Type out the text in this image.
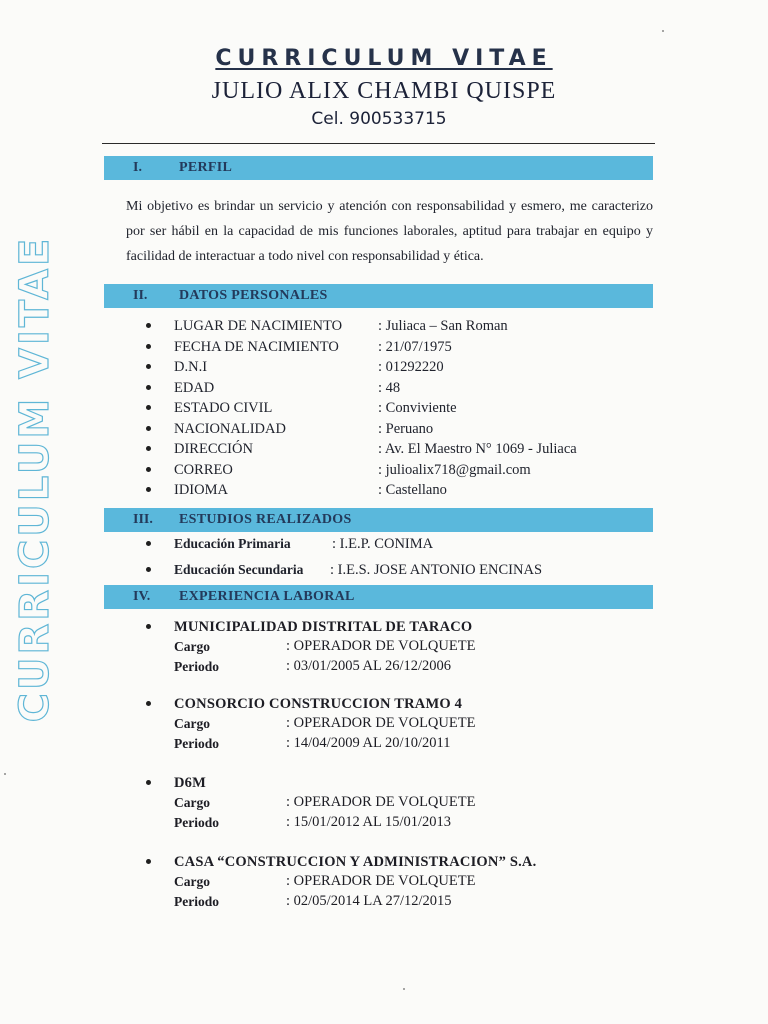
CURRICULUM VITAE
CURRICULUM VITAE
JULIO ALIX CHAMBI QUISPE
Cel. 900533715
I.	PERFIL
Mi objetivo es brindar un servicio y atención con responsabilidad y esmero, me caracterizo por ser hábil en la capacidad de mis funciones laborales, aptitud para trabajar en equipo y facilidad de interactuar a todo nivel con responsabilidad y ética.
II.	DATOS PERSONALES
LUGAR DE NACIMIENTO : Juliaca – San Roman
FECHA DE NACIMIENTO	: 21/07/1975
D.N.I	: 01292220
EDAD	: 48
ESTADO CIVIL	: Conviviente
NACIONALIDAD	: Peruano
DIRECCIÓN	: Av. El Maestro N° 1069 - Juliaca
CORREO	: julioalix718@gmail.com
IDIOMA	: Castellano
III.	ESTUDIOS REALIZADOS
Educación Primaria	: I.E.P. CONIMA
Educación Secundaria : I.E.S. JOSE ANTONIO ENCINAS
IV.	EXPERIENCIA LABORAL
MUNICIPALIDAD DISTRITAL DE TARACO
Cargo	: OPERADOR DE VOLQUETE
Periodo	: 03/01/2005 AL 26/12/2006
CONSORCIO CONSTRUCCION TRAMO 4
Cargo	: OPERADOR DE VOLQUETE
Periodo	: 14/04/2009 AL 20/10/2011
D6M
Cargo	: OPERADOR DE VOLQUETE
Periodo	: 15/01/2012 AL 15/01/2013
CASA “CONSTRUCCION Y ADMINISTRACION” S.A.
Cargo	: OPERADOR DE VOLQUETE
Periodo	: 02/05/2014 LA 27/12/2015
